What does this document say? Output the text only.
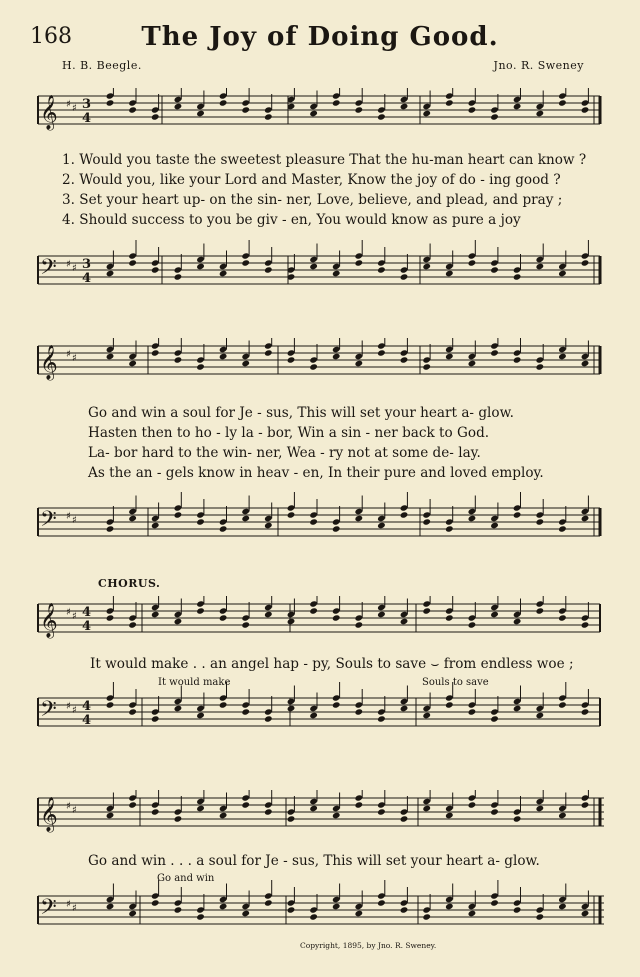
168	The Joy of Doing Good.
H. B. Beegle.	Jno. R. Sweney
𝄞 ♯ ♯ 3
4
1. Would you taste the sweetest pleasure That the hu-man heart can know ?
2. Would you, like your Lord and Master, Know the joy of do - ing good ?
3. Set your heart up- on the sin- ner, Love, believe, and plead, and pray ;
4. Should success to you be giv - en, You would know as pure a joy
𝄢 ♯ ♯ 3
4
𝄞 ♯ ♯
Go and win a soul for Je - sus, This will set your heart a- glow.
Hasten then to ho - ly la - bor, Win a sin - ner back to God.
La- bor hard to the win- ner, Wea - ry not at some de- lay.
As the an - gels know in heav - en, In their pure and loved employ.
𝄢 ♯ ♯
CHORUS.
𝄞 ♯ ♯ 4
4
It would make . . an angel hap - py, Souls to save ⌣ from endless woe ;
It would make	Souls to save
𝄢 ♯ ♯ 4
4
𝄞 ♯ ♯
Go and win . . . a soul for Je - sus, This will set your heart a- glow.
Go and win
𝄢 ♯ ♯
Copyright, 1895, by Jno. R. Sweney.
